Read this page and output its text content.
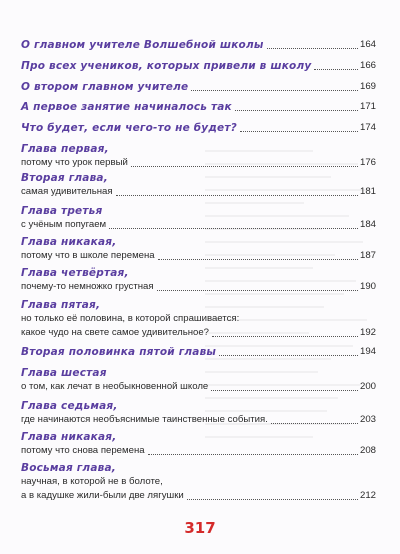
О главном учителе Волшебной школы	164
Про всех учеников, которых привели в школу	166
О втором главном учителе	169
А первое занятие начиналось так	171
Что будет, если чего-то не будет?	174
Глава первая,
потому что урок первый	176
Вторая глава,
самая удивительная	181
Глава третья
с учёным попугаем	184
Глава никакая,
потому что в школе перемена	187
Глава четвёртая,
почему-то немножко грустная	190
Глава пятая,
но только её половина, в которой спрашивается:
какое чудо на свете самое удивительное?	192
Вторая половинка пятой главы	194
Глава шестая
о том, как лечат в необыкновенной школе	200
Глава седьмая,
где начинаются необъяснимые таинственные события.	203
Глава никакая,
потому что снова перемена	208
Восьмая глава,
научная, в которой не в болоте,
а в кадушке жили-были две лягушки	212
317
